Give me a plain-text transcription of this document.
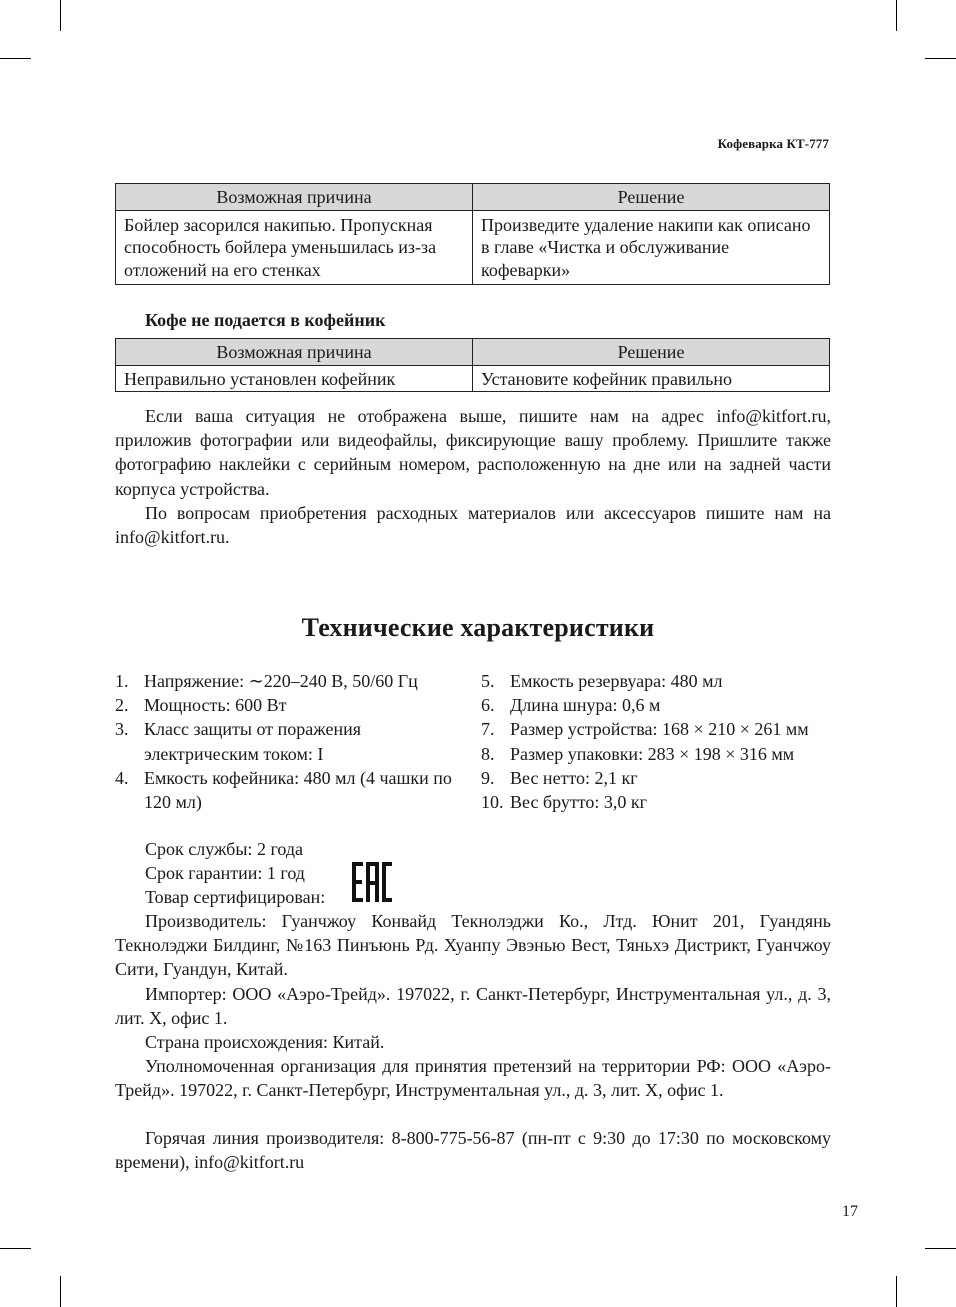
Кофеварка КТ-777
Возможная причина	Решение
Бойлер засорился накипью. Пропускная способность бойлера уменьшилась из-за отложений на его стенках	Произведите удаление накипи как описано в главе «Чистка и обслуживание кофеварки»
Кофе не подается в кофейник
Возможная причина	Решение
Неправильно установлен кофейник	Установите кофейник правильно

Если ваша ситуация не отображена выше, пишите нам на адрес info@kitfort.ru, приложив фотографии или видеофайлы, фиксирующие вашу проблему. Пришлите также фотографию наклейки с серийным номером, расположенную на дне или на задней части корпуса устройства.

По вопросам приобретения расходных материалов или аксессуаров пишите нам на info@kitfort.ru.

Технические характеристики
1. Напряжение: ∼220–240 В, 50/60 Гц
2. Мощность: 600 Вт
3. Класс защиты от поражения электрическим током: I
4. Емкость кофейника: 480 мл (4 чашки по 120 мл)
5. Емкость резервуара: 480 мл
6. Длина шнура: 0,6 м
7. Размер устройства: 168 × 210 × 261 мм
8. Размер упаковки: 283 × 198 × 316 мм
9. Вес нетто: 2,1 кг
10. Вес брутто: 3,0 кг
Срок службы: 2 года
Срок гарантии: 1 год
Товар сертифицирован:

Производитель: Гуанчжоу Конвайд Текнолэджи Ко., Лтд. Юнит 201, Гуандянь Текнолэджи Билдинг, №163 Пинъюнь Рд. Хуанпу Эвэнью Вест, Тяньхэ Дистрикт, Гуанчжоу Сити, Гуандун, Китай.

Импортер: ООО «Аэро-Трейд». 197022, г. Санкт-Петербург, Инструментальная ул., д. 3, лит. Х, офис 1.

Страна происхождения: Китай.

Уполномоченная организация для принятия претензий на территории РФ: ООО «Аэро-Трейд». 197022, г. Санкт-Петербург, Инструментальная ул., д. 3, лит. Х, офис 1.

Горячая линия производителя: 8-800-775-56-87 (пн-пт с 9:30 до 17:30 по московскому времени), info@kitfort.ru

17
